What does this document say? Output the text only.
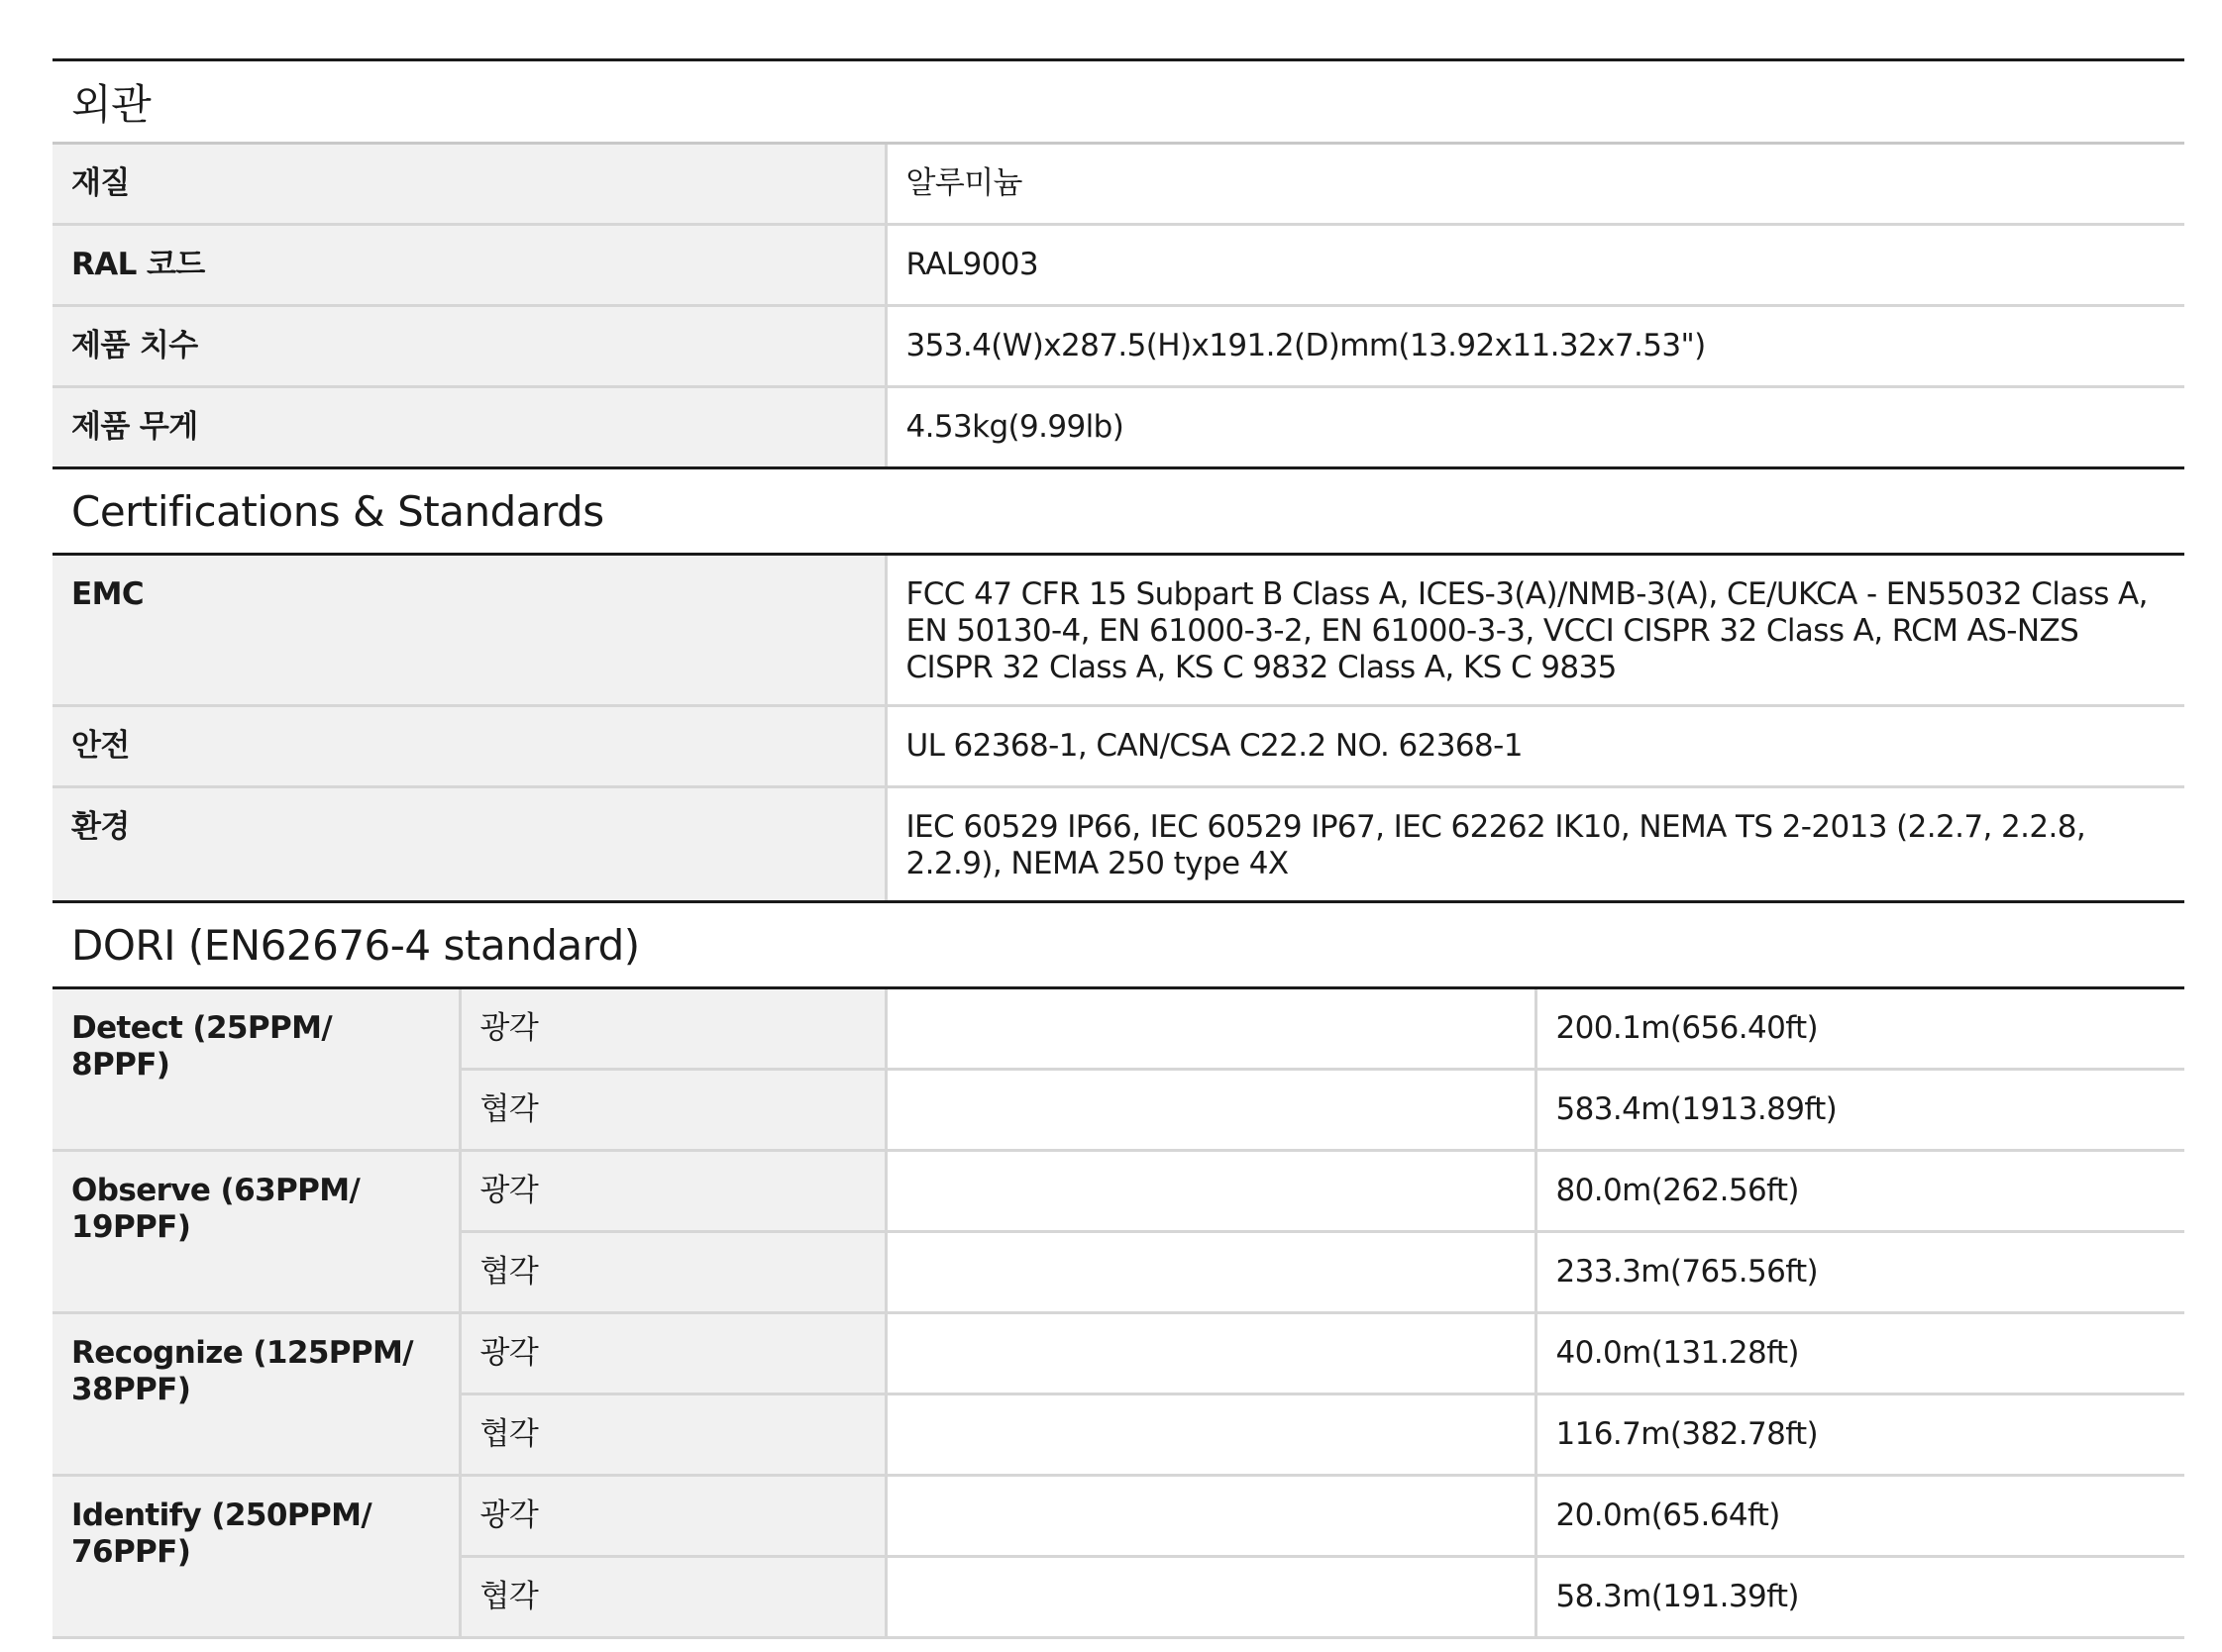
외관
재질	알루미늄
RAL 코드	RAL9003
제품 치수	353.4(W)x287.5(H)x191.2(D)mm(13.92x11.32x7.53")
제품 무게	4.53kg(9.99lb)
Certifications & Standards
EMC	FCC 47 CFR 15 Subpart B Class A, ICES-3(A)/NMB-3(A), CE/UKCA - EN55032 Class A, EN 50130-4, EN 61000-3-2, EN 61000-3-3, VCCI CISPR 32 Class A, RCM AS-NZS CISPR 32 Class A, KS C 9832 Class A, KS C 9835
안전	UL 62368-1, CAN/CSA C22.2 NO. 62368-1
환경	IEC 60529 IP66, IEC 60529 IP67, IEC 62262 IK10, NEMA TS 2-2013 (2.2.7, 2.2.8, 2.2.9), NEMA 250 type 4X
DORI (EN62676-4 standard)
Detect (25PPM/ 8PPF)	광각		200.1m(656.40ft)
	협각		583.4m(1913.89ft)
Observe (63PPM/ 19PPF)	광각		80.0m(262.56ft)
	협각		233.3m(765.56ft)
Recognize (125PPM/ 38PPF)	광각		40.0m(131.28ft)
	협각		116.7m(382.78ft)
Identify (250PPM/ 76PPF)	광각		20.0m(65.64ft)
	협각		58.3m(191.39ft)
